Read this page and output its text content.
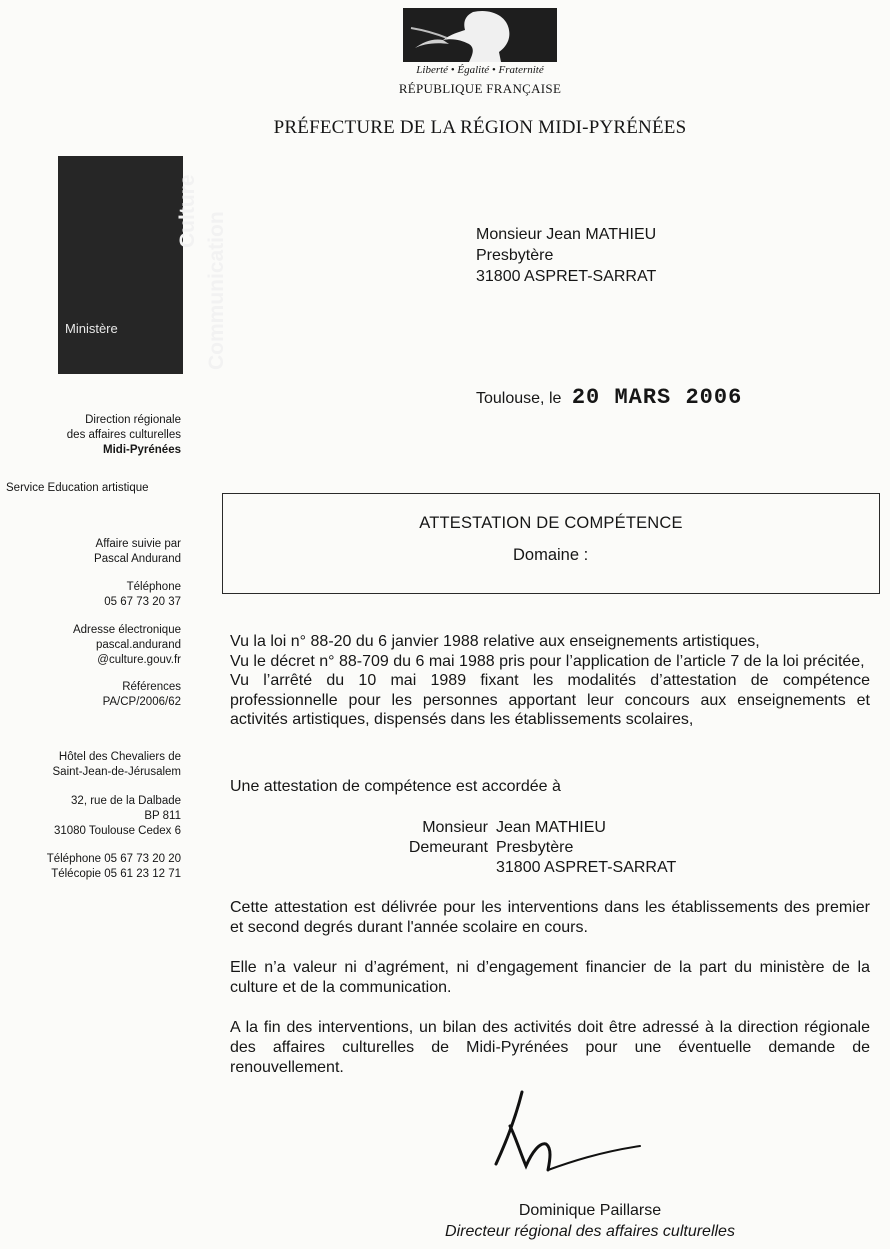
Liberté • Égalité • Fraternité
RÉPUBLIQUE FRANÇAISE
PRÉFECTURE DE LA RÉGION MIDI-PYRÉNÉES
Culture
Communication
Ministère
Direction régionale
des affaires culturelles
Midi-Pyrénées
Service Education artistique
Affaire suivie par
Pascal Andurand
Téléphone
05 67 73 20 37
Adresse électronique
pascal.andurand
@culture.gouv.fr
Références
PA/CP/2006/62
Hôtel des Chevaliers de
Saint-Jean-de-Jérusalem
32, rue de la Dalbade
BP 811
31080 Toulouse Cedex 6
Téléphone 05 67 73 20 20
Télécopie 05 61 23 12 71
Monsieur Jean MATHIEU
Presbytère
31800 ASPRET-SARRAT
Toulouse, le 20 MARS 2006
ATTESTATION DE COMPÉTENCE
Domaine :

Vu la loi n° 88-20 du 6 janvier 1988 relative aux enseignements artistiques,

Vu le décret n° 88-709 du 6 mai 1988 pris pour l’application de l’article 7 de la loi précitée,

Vu l’arrêté du 10 mai 1989 fixant les modalités d’attestation de compétence professionnelle pour les personnes apportant leur concours aux enseignements et activités artistiques, dispensés dans les établissements scolaires,

Une attestation de compétence est accordée à
Monsieur Jean MATHIEU
Demeurant Presbytère
31800 ASPRET-SARRAT
Cette attestation est délivrée pour les interventions dans les établissements des premier et second degrés durant l'année scolaire en cours.
Elle n’a valeur ni d’agrément, ni d’engagement financier de la part du ministère de la culture et de la communication.
A la fin des interventions, un bilan des activités doit être adressé à la direction régionale des affaires culturelles de Midi-Pyrénées pour une éventuelle demande de renouvellement.
Dominique Paillarse
Directeur régional des affaires culturelles
